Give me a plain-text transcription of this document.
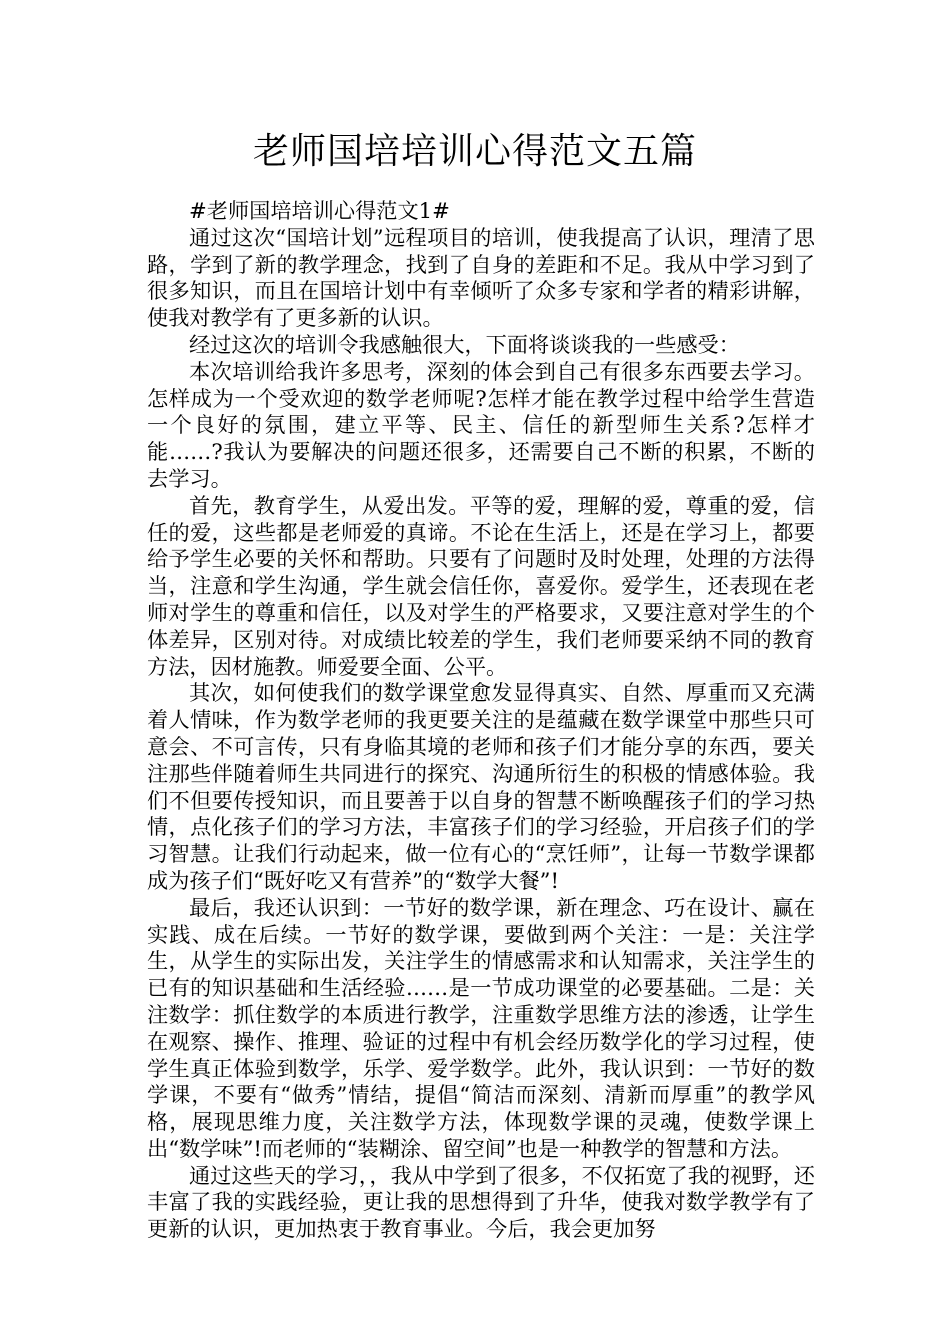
老师国培培训心得范文五篇

#老师国培培训心得范文1#

通过这次“国培计划”远程项目的培训，使我提高了认识，理清了思路，学到了新的教学理念，找到了自身的差距和不足。我从中学习到了很多知识，而且在国培计划中有幸倾听了众多专家和学者的精彩讲解，使我对教学有了更多新的认识。

经过这次的培训令我感触很大，下面将谈谈我的一些感受：

本次培训给我许多思考，深刻的体会到自己有很多东西要去学习。怎样成为一个受欢迎的数学老师呢?怎样才能在教学过程中给学生营造一个良好的氛围，建立平等、民主、信任的新型师生关系?怎样才能……?我认为要解决的问题还很多，还需要自己不断的积累，不断的去学习。

首先，教育学生，从爱出发。平等的爱，理解的爱，尊重的爱，信任的爱，这些都是老师爱的真谛。不论在生活上，还是在学习上，都要给予学生必要的关怀和帮助。只要有了问题时及时处理，处理的方法得当，注意和学生沟通，学生就会信任你，喜爱你。爱学生，还表现在老师对学生的尊重和信任，以及对学生的严格要求，又要注意对学生的个体差异，区别对待。对成绩比较差的学生，我们老师要采纳不同的教育方法，因材施教。师爱要全面、公平。

其次，如何使我们的数学课堂愈发显得真实、自然、厚重而又充满着人情味，作为数学老师的我更要关注的是蕴藏在数学课堂中那些只可意会、不可言传，只有身临其境的老师和孩子们才能分享的东西，要关注那些伴随着师生共同进行的探究、沟通所衍生的积极的情感体验。我们不但要传授知识，而且要善于以自身的智慧不断唤醒孩子们的学习热情，点化孩子们的学习方法，丰富孩子们的学习经验，开启孩子们的学习智慧。让我们行动起来，做一位有心的“烹饪师”，让每一节数学课都成为孩子们“既好吃又有营养”的“数学大餐”!

最后，我还认识到：一节好的数学课，新在理念、巧在设计、赢在实践、成在后续。一节好的数学课，要做到两个关注：一是：关注学生，从学生的实际出发，关注学生的情感需求和认知需求，关注学生的已有的知识基础和生活经验……是一节成功课堂的必要基础。二是：关注数学：抓住数学的本质进行教学，注重数学思维方法的渗透，让学生在观察、操作、推理、验证的过程中有机会经历数学化的学习过程，使学生真正体验到数学，乐学、爱学数学。此外，我认识到：一节好的数学课，不要有“做秀”情结，提倡“简洁而深刻、清新而厚重”的教学风格，展现思维力度，关注数学方法，体现数学课的灵魂，使数学课上出“数学味”!而老师的“装糊涂、留空间”也是一种教学的智慧和方法。

通过这些天的学习，，我从中学到了很多，不仅拓宽了我的视野，还丰富了我的实践经验，更让我的思想得到了升华，使我对数学教学有了更新的认识，更加热衷于教育事业。今后，我会更加努
